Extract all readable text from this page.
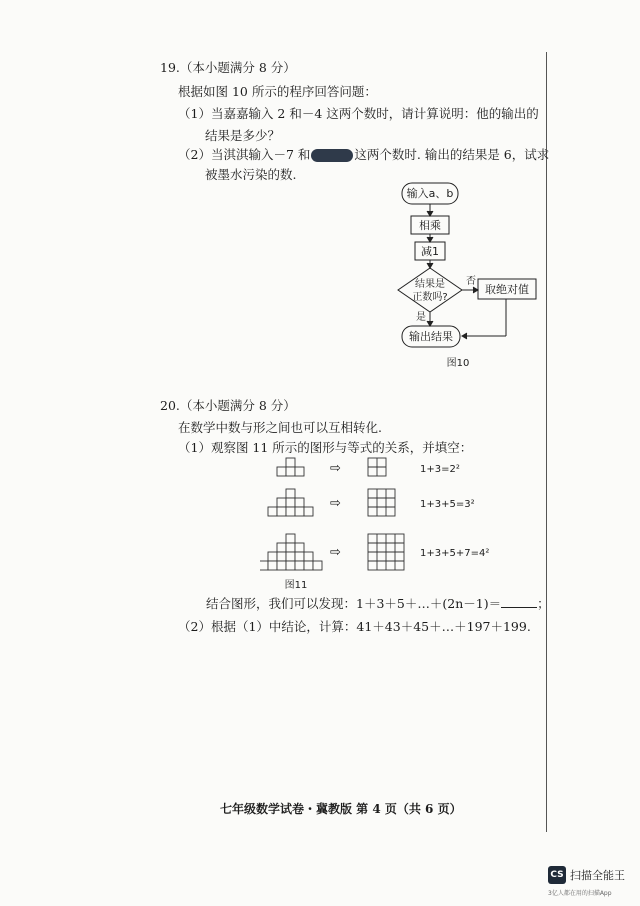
19.（本小题满分 8 分）
根据如图 10 所示的程序回答问题：
（1）当嘉嘉输入 2 和－4 这两个数时，请计算说明：他的输出的
结果是多少？
（2）当淇淇输入－7 和	这两个数时. 输出的结果是 6，试求
被墨水污染的数.
输入a、b
相乘
减1
结果是
正数吗?
否
是
取绝对值
输出结果
图10
20.（本小题满分 8 分）
在数学中数与形之间也可以互相转化.
（1）观察图 11 所示的图形与等式的关系，并填空：
⇨
⇨
⇨
1+3=2²
1+3+5=3²
1+3+5+7=4²
图11
结合图形，我们可以发现：1＋3＋5＋…＋(2n－1)＝	；
（2）根据（1）中结论，计算：41＋43＋45＋…＋197＋199.
七年级数学试卷・冀教版 第 4 页（共 6 页）
CS 扫描全能王
3亿人都在用的扫描App
